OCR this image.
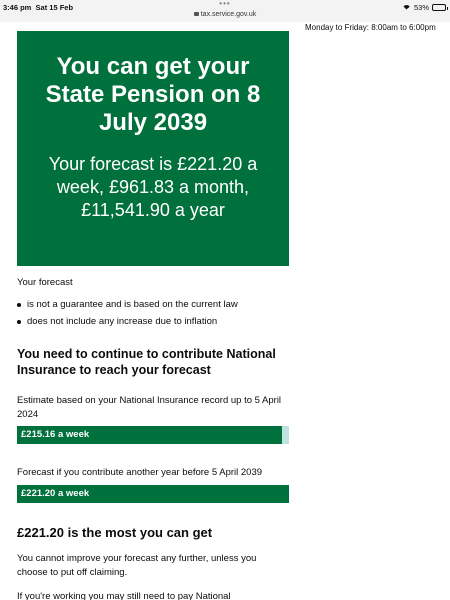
3:46 pm Sat 15 Feb	•••
tax.service.gov.uk
53%
You can get your State Pension on 8 July 2039
Your forecast is £221.20 a week, £961.83 a month, £11,541.90 a year
Monday to Friday: 8:00am to 6:00pm

Your forecast

is not a guarantee and is based on the current law
does not include any increase due to inflation
You need to continue to contribute National Insurance to reach your forecast

Estimate based on your National Insurance record up to 5 April 2024

£215.16 a week

Forecast if you contribute another year before 5 April 2039

£221.20 a week
£221.20 is the most you can get

You cannot improve your forecast any further, unless you choose to put off claiming.

If you're working you may still need to pay National
